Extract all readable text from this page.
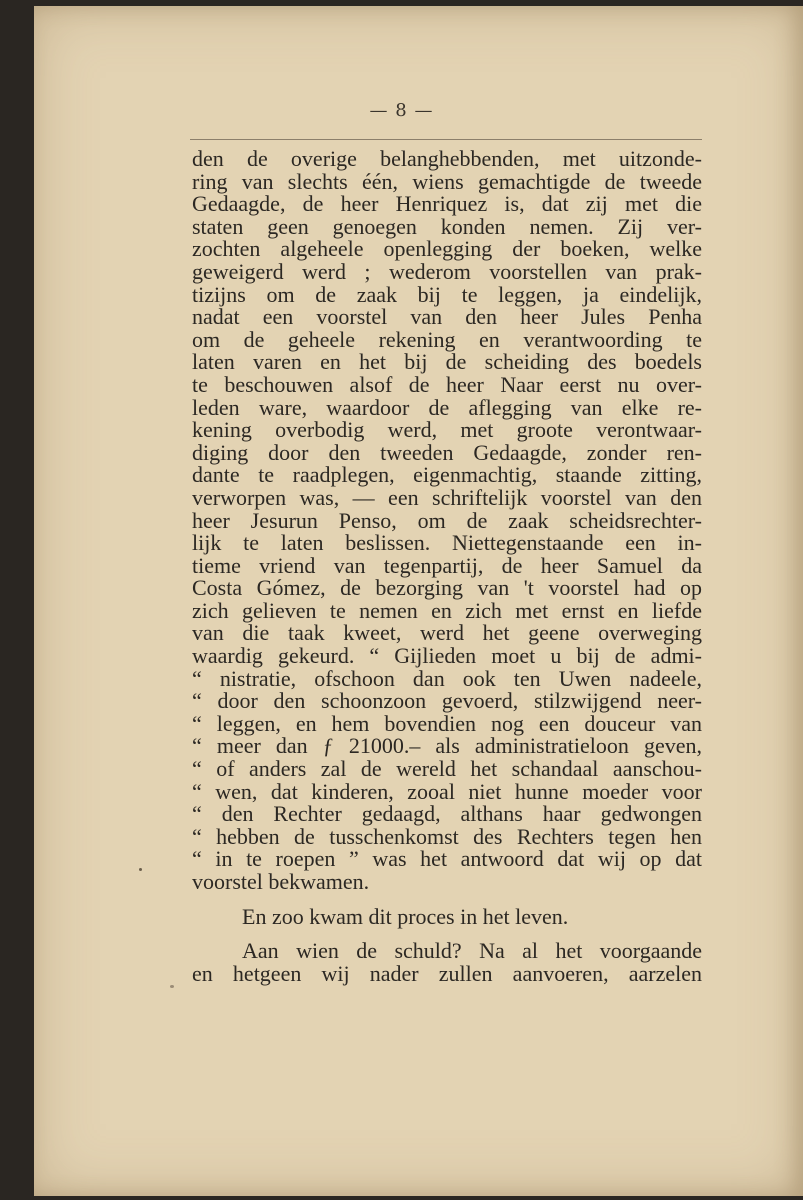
— 8 —
den de overige belanghebbenden, met uitzonde-
ring van slechts één, wiens gemachtigde de tweede
Gedaagde, de heer Henriquez is, dat zij met die
staten geen genoegen konden nemen. Zij ver-
zochten algeheele openlegging der boeken, welke
geweigerd werd ; wederom voorstellen van prak-
tizijns om de zaak bij te leggen, ja eindelijk,
nadat een voorstel van den heer Jules Penha
om de geheele rekening en verantwoording te
laten varen en het bij de scheiding des boedels
te beschouwen alsof de heer Naar eerst nu over-
leden ware, waardoor de aflegging van elke re-
kening overbodig werd, met groote verontwaar-
diging door den tweeden Gedaagde, zonder ren-
dante te raadplegen, eigenmachtig, staande zitting,
verworpen was, — een schriftelijk voorstel van den
heer Jesurun Penso, om de zaak scheidsrechter-
lijk te laten beslissen. Niettegenstaande een in-
tieme vriend van tegenpartij, de heer Samuel da
Costa Gómez, de bezorging van 't voorstel had op
zich gelieven te nemen en zich met ernst en liefde
van die taak kweet, werd het geene overweging
waardig gekeurd. “ Gijlieden moet u bij de admi-
“ nistratie, ofschoon dan ook ten Uwen nadeele,
“ door den schoonzoon gevoerd, stilzwijgend neer-
“ leggen, en hem bovendien nog een douceur van
“ meer dan ƒ 21000.– als administratieloon geven,
“ of anders zal de wereld het schandaal aanschou-
“ wen, dat kinderen, zooal niet hunne moeder voor
“ den Rechter gedaagd, althans haar gedwongen
“ hebben de tusschenkomst des Rechters tegen hen
“ in te roepen ” was het antwoord dat wij op dat
voorstel bekwamen.
En zoo kwam dit proces in het leven.
Aan wien de schuld? Na al het voorgaande
en hetgeen wij nader zullen aanvoeren, aarzelen
